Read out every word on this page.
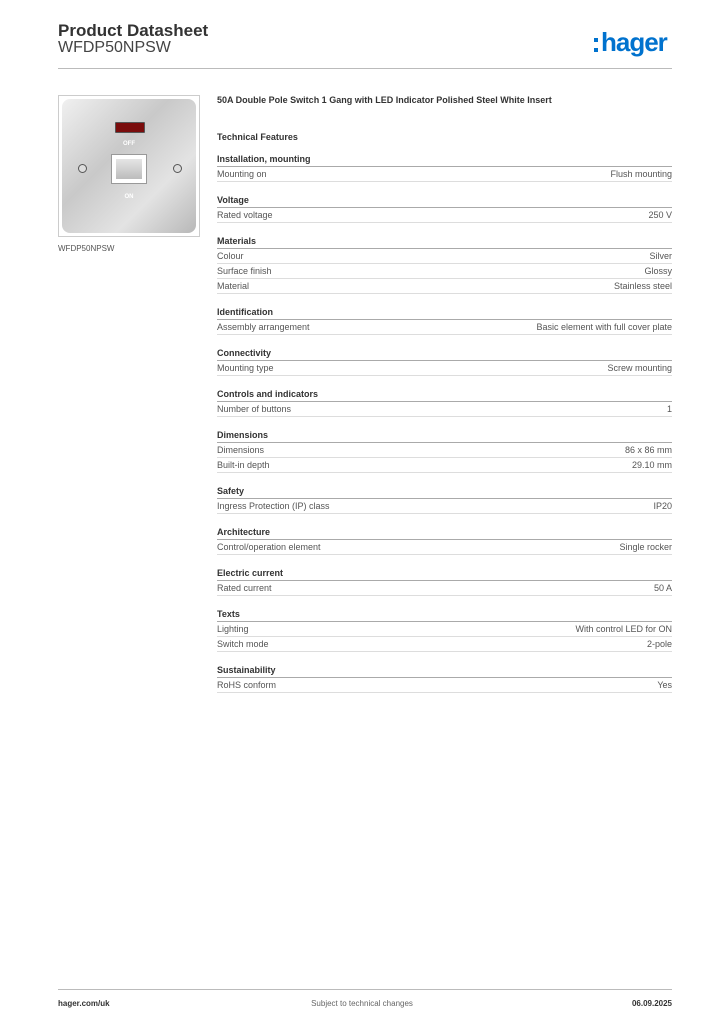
Product Datasheet
WFDP50NPSW	hager
OFF
ON
WFDP50NPSW
50A Double Pole Switch 1 Gang with LED Indicator Polished Steel White Insert
Technical Features
Installation, mounting
Mounting on	Flush mounting
Voltage
Rated voltage	250 V
Materials
Colour	Silver
Surface finish	Glossy
Material	Stainless steel
Identification
Assembly arrangement	Basic element with full cover plate
Connectivity
Mounting type	Screw mounting
Controls and indicators
Number of buttons	1
Dimensions
Dimensions	86 x 86 mm
Built-in depth	29.10 mm
Safety
Ingress Protection (IP) class	IP20
Architecture
Control/operation element	Single rocker
Electric current
Rated current	50 A
Texts
Lighting	With control LED for ON
Switch mode	2-pole
Sustainability
RoHS conform	Yes
hager.com/uk	Subject to technical changes	06.09.2025
